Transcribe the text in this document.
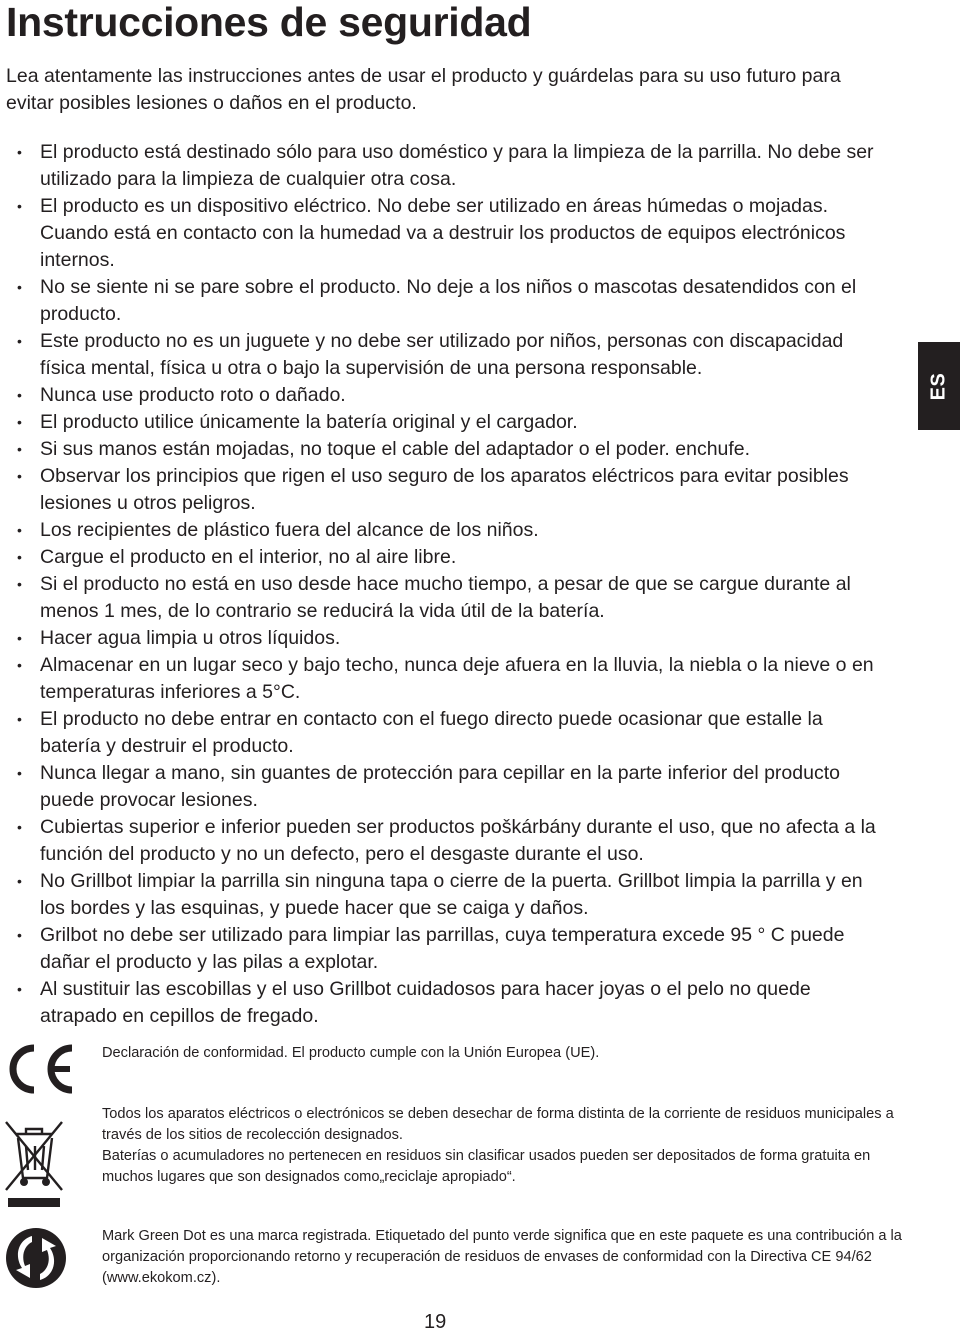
Instrucciones de seguridad

Lea atentamente las instrucciones antes de usar el producto y guárdelas para su uso futuro para evitar posibles lesiones o daños en el producto.

• El producto está destinado sólo para uso doméstico y para la limpieza de la parrilla. No debe ser utilizado para la limpieza de cualquier otra cosa.
• El producto es un dispositivo eléctrico. No debe ser utilizado en áreas húmedas o mojadas. Cuando está en contacto con la humedad va a destruir los productos de equipos electrónicos internos.
• No se siente ni se pare sobre el producto. No deje a los niños o mascotas desatendidos con el producto.
• Este producto no es un juguete y no debe ser utilizado por niños, personas con discapacidad física mental, física u otra o bajo la supervisión de una persona responsable.
• Nunca use producto roto o dañado.
• El producto utilice únicamente la batería original y el cargador.
• Si sus manos están mojadas, no toque el cable del adaptador o el poder. enchufe.
• Observar los principios que rigen el uso seguro de los aparatos eléctricos para evitar posibles lesiones u otros peligros.
• Los recipientes de plástico fuera del alcance de los niños.
• Cargue el producto en el interior, no al aire libre.
• Si el producto no está en uso desde hace mucho tiempo, a pesar de que se cargue durante al menos 1 mes, de lo contrario se reducirá la vida útil de la batería.
• Hacer agua limpia u otros líquidos.
• Almacenar en un lugar seco y bajo techo, nunca deje afuera en la lluvia, la niebla o la nieve o en temperaturas inferiores a 5°C.
• El producto no debe entrar en contacto con el fuego directo puede ocasionar que estalle la batería y destruir el producto.
• Nunca llegar a mano, sin guantes de protección para cepillar en la parte inferior del producto puede provocar lesiones.
• Cubiertas superior e inferior pueden ser productos poškárbány durante el uso, que no afecta a la función del producto y no un defecto, pero el desgaste durante el uso.
• No Grillbot limpiar la parrilla sin ninguna tapa o cierre de la puerta. Grillbot limpia la parrilla y en los bordes y las esquinas, y puede hacer que se caiga y daños.
• Grilbot no debe ser utilizado para limpiar las parrillas, cuya temperatura excede 95 ° C puede dañar el producto y las pilas a explotar.
• Al sustituir las escobillas y el uso Grillbot cuidadosos para hacer joyas o el pelo no quede atrapado en cepillos de fregado.
ES

Declaración de conformidad. El producto cumple con la Unión Europea (UE).

Todos los aparatos eléctricos o electrónicos se deben desechar de forma distinta de la corriente de residuos municipales a través de los sitios de recolección designados.

Baterías o acumuladores no pertenecen en residuos sin clasificar usados pueden ser depositados de forma gratuita en muchos lugares que son designados como„reciclaje apropiado“.

Mark Green Dot es una marca registrada. Etiquetado del punto verde significa que en este paquete es una contribución a la organización proporcionando retorno y recuperación de residuos de envases de conformidad con la Directiva CE 94/62 (www.ekokom.cz).

19
